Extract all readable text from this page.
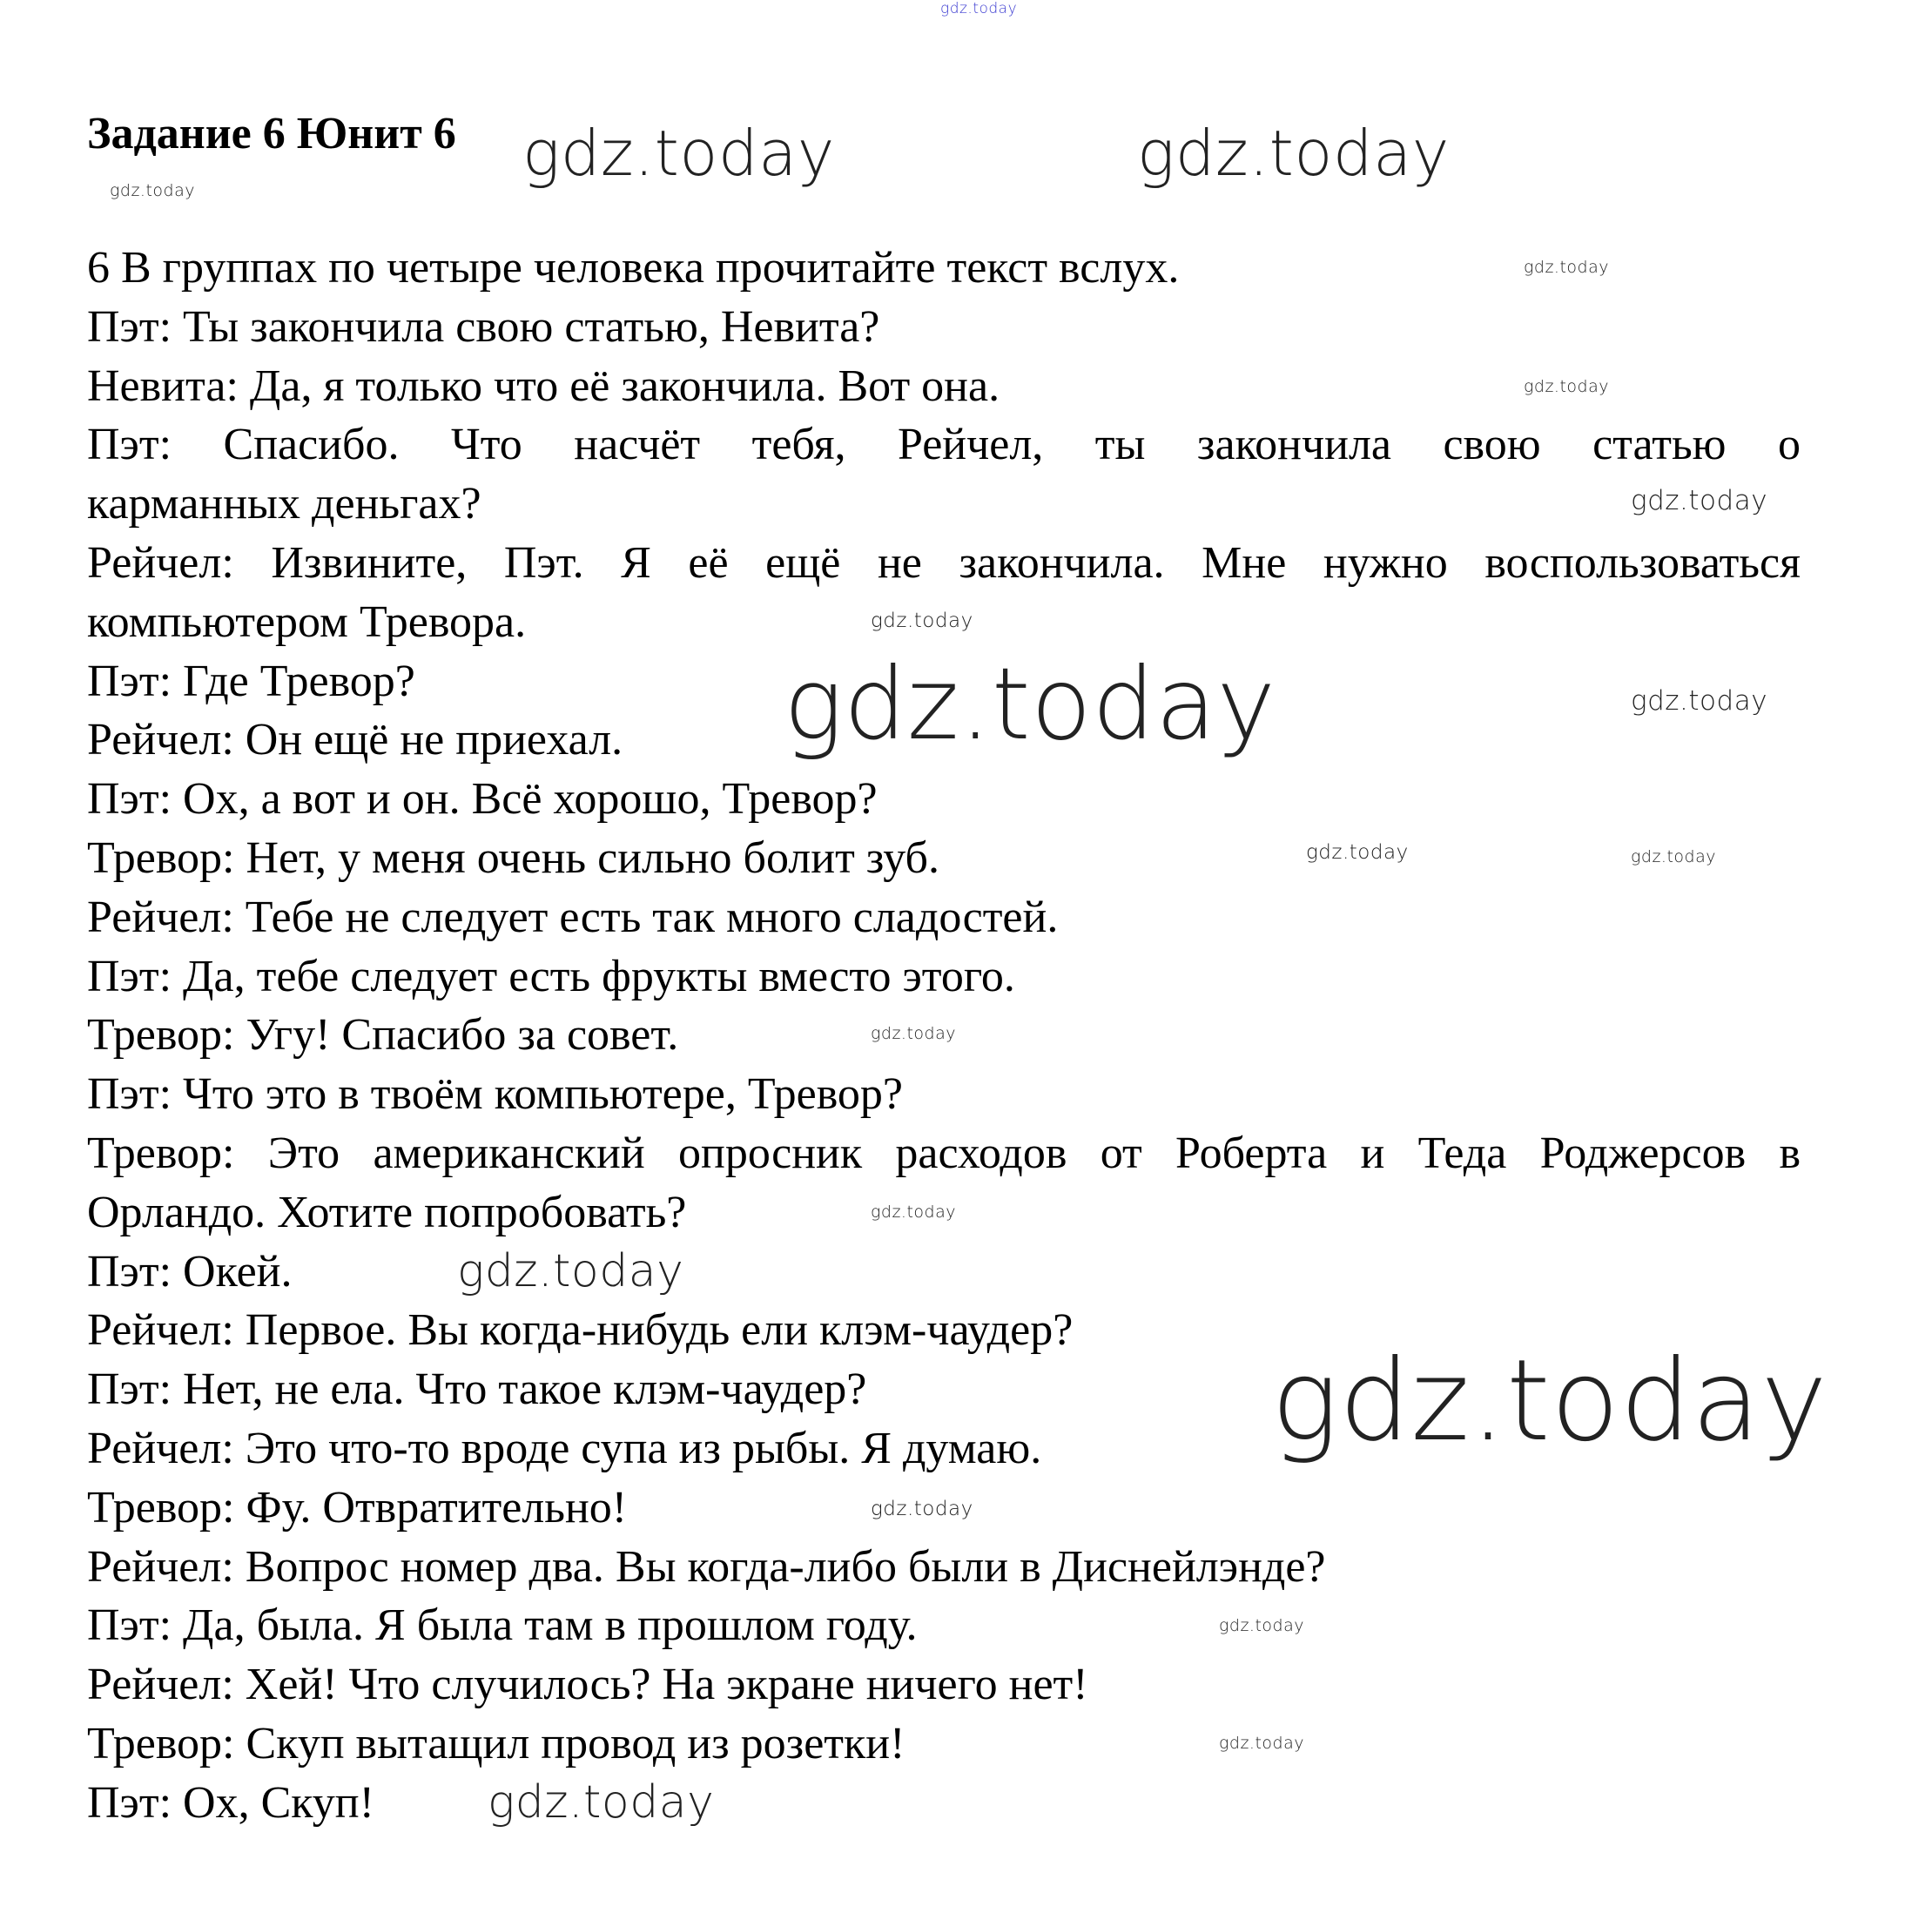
Задание 6 Юнит 6
6 В группах по четыре человека прочитайте текст вслух.
Пэт: Ты закончила свою статью, Невита?
Невита: Да, я только что её закончила. Вот она.
Пэт: Спасибо. Что насчёт тебя, Рейчел, ты закончила свою статью о
карманных деньгах?
Рейчел: Извините, Пэт. Я её ещё не закончила. Мне нужно воспользоваться
компьютером Тревора.
Пэт: Где Тревор?
Рейчел: Он ещё не приехал.
Пэт: Ох, а вот и он. Всё хорошо, Тревор?
Тревор: Нет, у меня очень сильно болит зуб.
Рейчел: Тебе не следует есть так много сладостей.
Пэт: Да, тебе следует есть фрукты вместо этого.
Тревор: Угу! Спасибо за совет.
Пэт: Что это в твоём компьютере, Тревор?
Тревор: Это американский опросник расходов от Роберта и Теда Роджерсов в
Орландо. Хотите попробовать?
Пэт: Окей.
Рейчел: Первое. Вы когда-нибудь ели клэм-чаудер?
Пэт: Нет, не ела. Что такое клэм-чаудер?
Рейчел: Это что-то вроде супа из рыбы. Я думаю.
Тревор: Фу. Отвратительно!
Рейчел: Вопрос номер два. Вы когда-либо были в Диснейлэнде?
Пэт: Да, была. Я была там в прошлом году.
Рейчел: Хей! Что случилось? На экране ничего нет!
Тревор: Скуп вытащил провод из розетки!
Пэт: Ох, Скуп!
gdz.today
gdz.today	gdz.today
gdz.today
gdz.today
gdz.today
gdz.today
gdz.today
gdz.today	gdz.today
gdz.today	gdz.today
gdz.today
gdz.today
gdz.today
gdz.today
gdz.today
gdz.today
gdz.today
gdz.today
